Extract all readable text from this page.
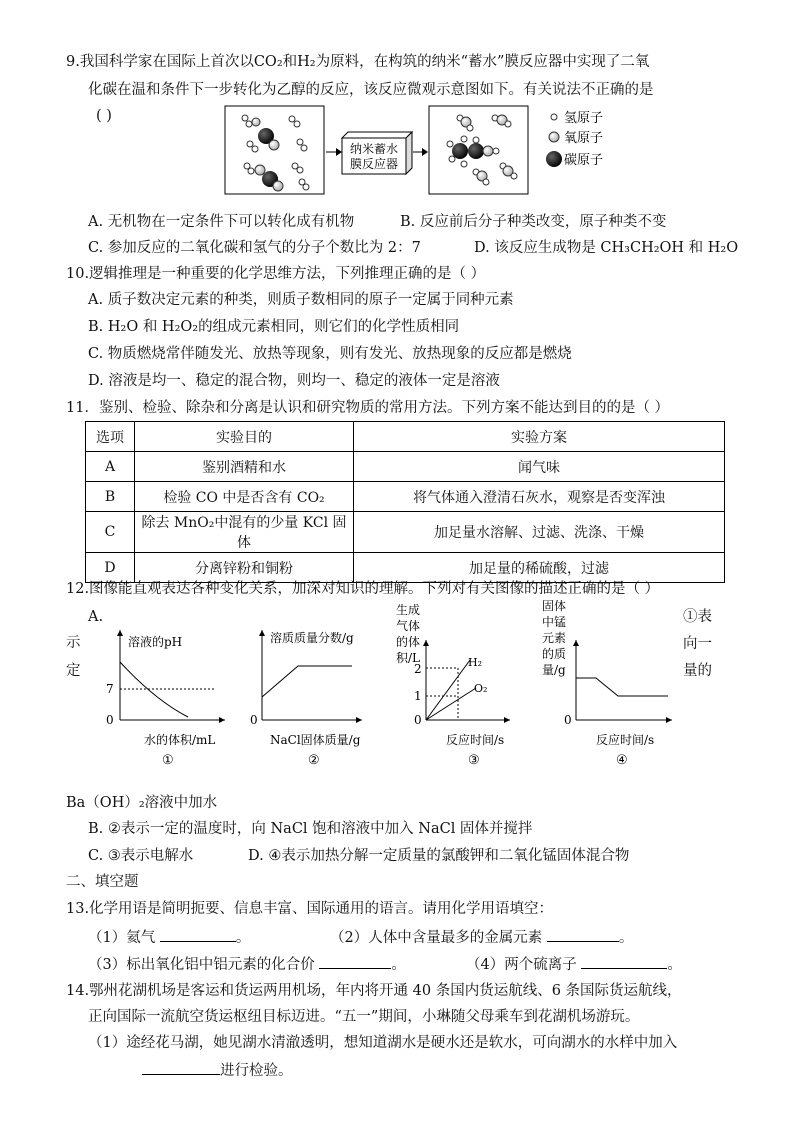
9.我国科学家在国际上首次以CO₂和H₂为原料，在构筑的纳米“蓄水”膜反应器中实现了二氧
化碳在温和条件下一步转化为乙醇的反应，该反应微观示意图如下。有关说法不正确的是
( )
纳米蓄水
膜反应器
氢原子
氧原子
碳原子
A. 无机物在一定条件下可以转化成有机物	B. 反应前后分子种类改变，原子种类不变
C. 参加反应的二氧化碳和氢气的分子个数比为 2：7	D. 该反应生成物是 CH₃CH₂OH 和 H₂O
10.逻辑推理是一种重要的化学思维方法，下列推理正确的是（ ）
A. 质子数决定元素的种类，则质子数相同的原子一定属于同种元素
B. H₂O 和 H₂O₂的组成元素相同，则它们的化学性质相同
C. 物质燃烧常伴随发光、放热等现象，则有发光、放热现象的反应都是燃烧
D. 溶液是均一、稳定的混合物，则均一、稳定的液体一定是溶液
11．鉴别、检验、除杂和分离是认识和研究物质的常用方法。下列方案不能达到目的的是（ ）
选项	实验目的	实验方案
A	鉴别酒精和水	闻气味
B	检验 CO 中是否含有 CO₂	将气体通入澄清石灰水，观察是否变浑浊
C	除去 MnO₂中混有的少量 KCl 固体	加足量水溶解、过滤、洗涤、干燥
D	分离锌粉和铜粉	加足量的稀硫酸，过滤
12.图像能直观表达各种变化关系，加深对知识的理解。下列对有关图像的描述正确的是（ ）
A.
示
定
①表
向一
量的
溶液的pH
7
0
水的体积/mL
①
溶质质量分数/g
0
NaCl固体质量/g
②
生成
气体
的体
积/L
2
1
0
H₂
O₂
反应时间/s
③
固体
中锰
元素
的质
量/g
0
反应时间/s
④
Ba（OH）₂溶液中加水
B. ②表示一定的温度时，向 NaCl 饱和溶液中加入 NaCl 固体并搅拌
C. ③表示电解水	D. ④表示加热分解一定质量的氯酸钾和二氧化锰固体混合物
二、填空题
13.化学用语是简明扼要、信息丰富、国际通用的语言。请用化学用语填空：
（1）氦气	。	（2）人体中含量最多的金属元素	。
（3）标出氧化铝中铝元素的化合价	。	（4）两个硫离子	。
14.鄂州花湖机场是客运和货运两用机场，年内将开通 40 条国内货运航线、6 条国际货运航线，
正向国际一流航空货运枢纽目标迈进。“五一”期间，小琳随父母乘车到花湖机场游玩。
（1）途经花马湖，她见湖水清澈透明，想知道湖水是硬水还是软水，可向湖水的水样中加入
进行检验。
